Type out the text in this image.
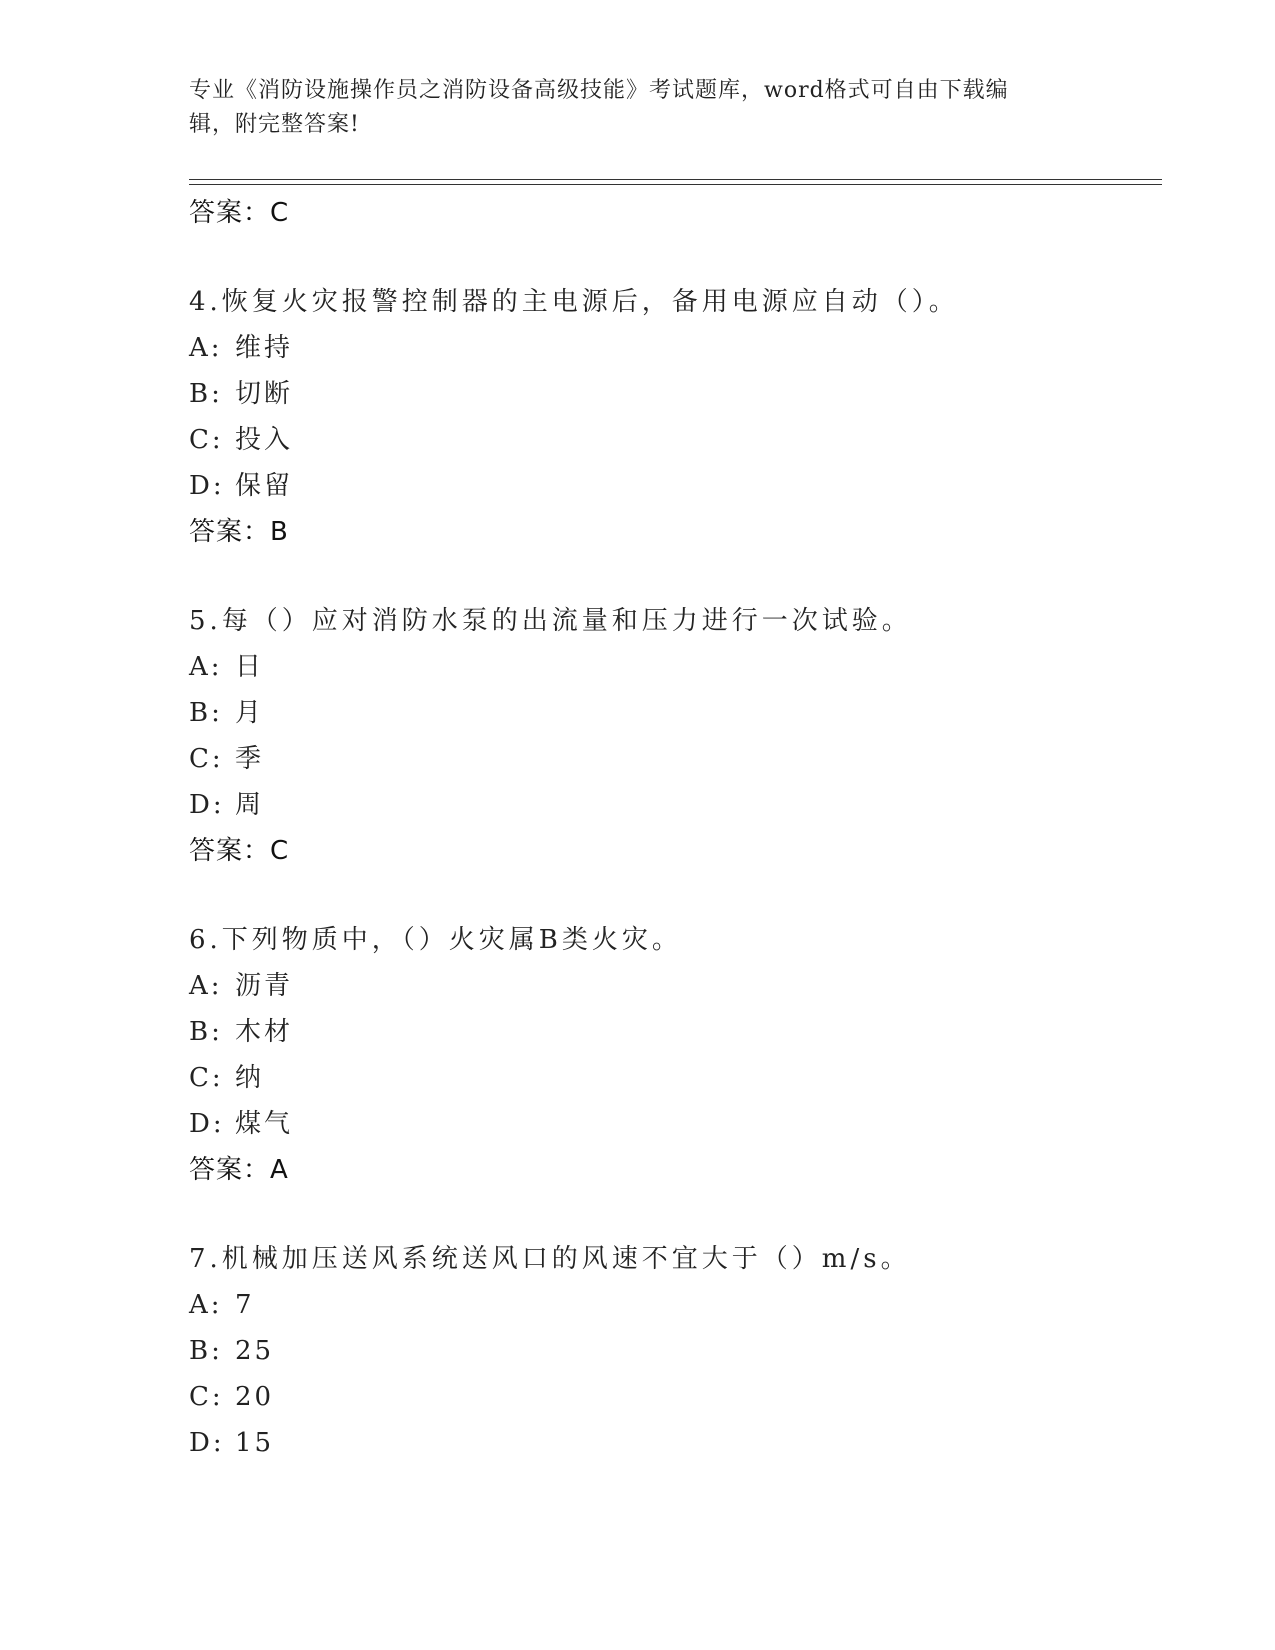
专业《消防设施操作员之消防设备高级技能》考试题库，word格式可自由下载编
辑，附完整答案!
答案：C
4.恢复火灾报警控制器的主电源后，备用电源应自动（）。
A: 维持
B: 切断
C: 投入
D: 保留
答案：B
5.每（）应对消防水泵的出流量和压力进行一次试验。
A: 日
B: 月
C: 季
D: 周
答案：C
6.下列物质中，（）火灾属B类火灾。
A: 沥青
B: 木材
C: 纳
D: 煤气
答案：A
7.机械加压送风系统送风口的风速不宜大于（）m/s。
A: 7
B: 25
C: 20
D: 15
